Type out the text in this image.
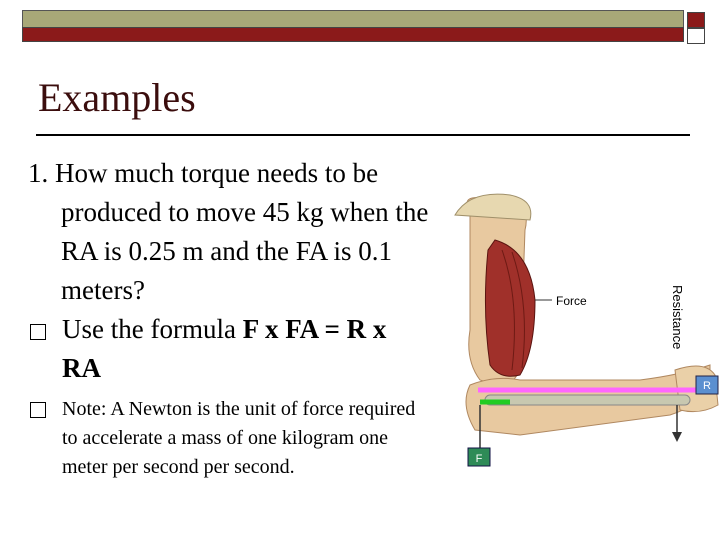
Examples
1. How much torque needs to be produced to move 45 kg when the RA is 0.25 m and the FA is 0.1 meters?
Use the formula F x FA = R x RA
Note: A Newton is the unit of force required to accelerate a mass of one kilogram one meter per second per second.	F
R
Force	Resistance
